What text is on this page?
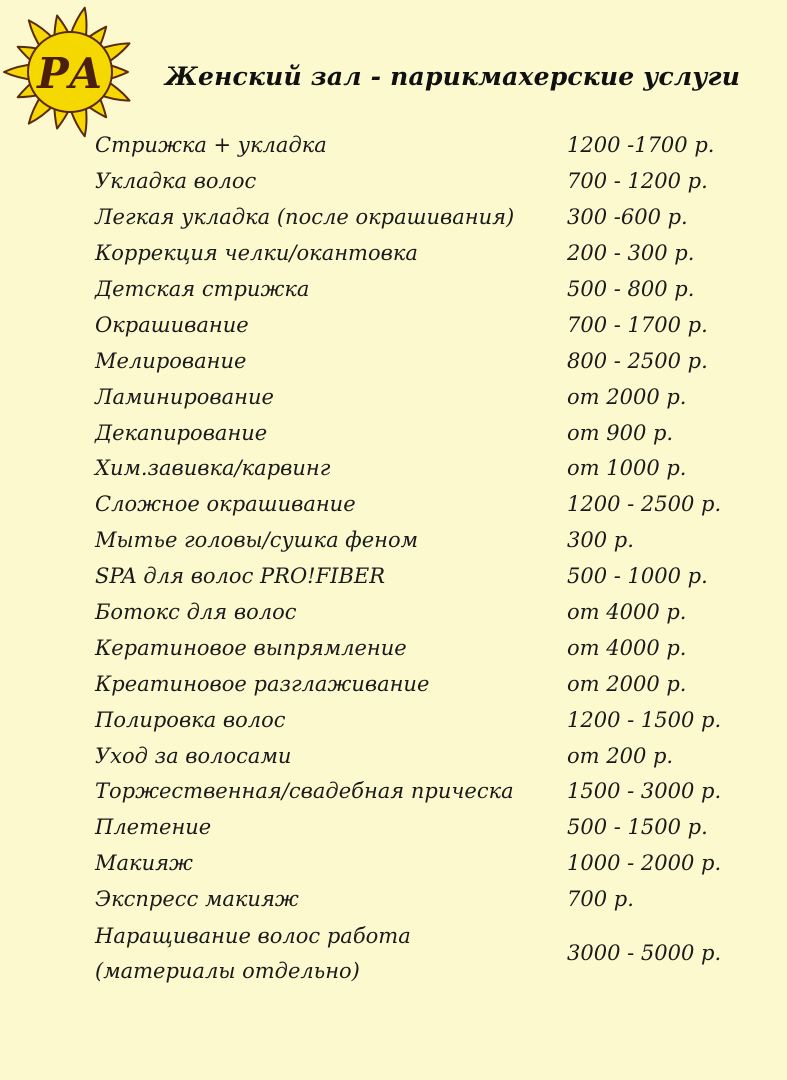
РА Женский зал - парикмахерские услуги
Стрижка + укладка	1200 -1700 р.
Укладка волос	700 - 1200 р.
Легкая укладка (после окрашивания)	300 -600 р.
Коррекция челки/окантовка	200 - 300 р.
Детская стрижка	500 - 800 р.
Окрашивание	700 - 1700 р.
Мелирование	800 - 2500 р.
Ламинирование	от 2000 р.
Декапирование	от 900 р.
Хим.завивка/карвинг	от 1000 р.
Сложное окрашивание	1200 - 2500 р.
Мытье головы/сушка феном	300 р.
SPA для волос PRO!FIBER	500 - 1000 р.
Ботокс для волос	от 4000 р.
Кератиновое выпрямление	от 4000 р.
Креатиновое разглаживание	от 2000 р.
Полировка волос	1200 - 1500 р.
Уход за волосами	от 200 р.
Торжественная/свадебная прическа	1500 - 3000 р.
Плетение	500 - 1500 р.
Макияж	1000 - 2000 р.
Экспресс макияж	700 р.
Наращивание волос работа
(материалы отдельно)
3000 - 5000 р.
